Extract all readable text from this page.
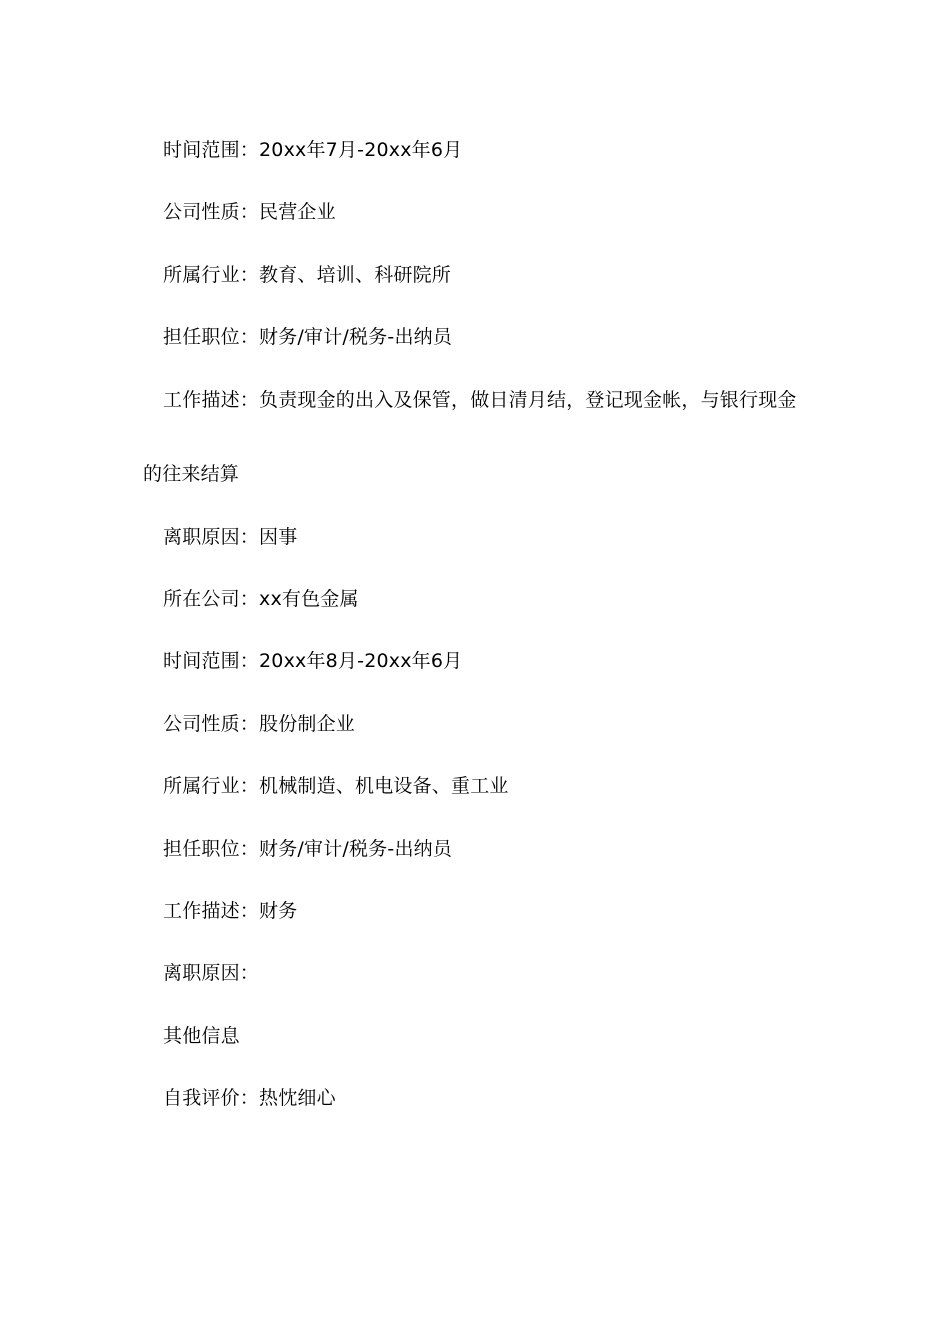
时间范围：20xx年7月-20xx年6月
公司性质：民营企业
所属行业：教育、培训、科研院所
担任职位：财务/审计/税务-出纳员
工作描述：负责现金的出入及保管，做日清月结，登记现金帐，与银行现金
的往来结算
离职原因：因事
所在公司：xx有色金属
时间范围：20xx年8月-20xx年6月
公司性质：股份制企业
所属行业：机械制造、机电设备、重工业
担任职位：财务/审计/税务-出纳员
工作描述：财务
离职原因：
其他信息
自我评价：热忱细心
